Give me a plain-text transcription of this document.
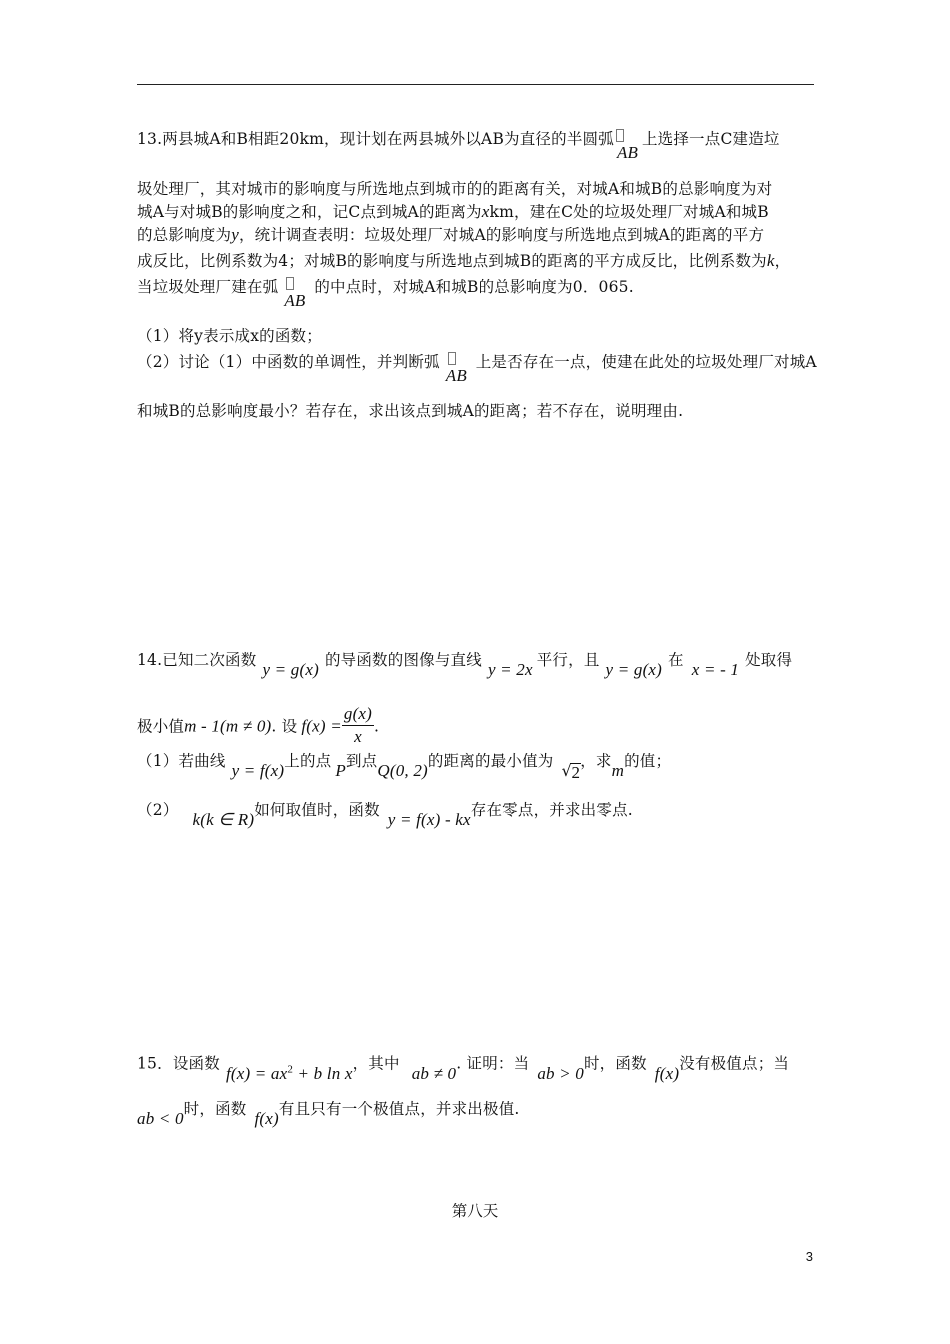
13.两县城A和B相距20km，现计划在两县城外以AB为直径的半圆弧
AB
上选择一点C建造垃
圾处理厂，其对城市的影响度与所选地点到城市的的距离有关，对城A和城B的总影响度为对
城A与对城B的影响度之和，记C点到城A的距离为xkm，建在C处的垃圾处理厂对城A和城B
的总影响度为y，统计调查表明：垃圾处理厂对城A的影响度与所选地点到城A的距离的平方
成反比，比例系数为4；对城B的影响度与所选地点到城B的距离的平方成反比，比例系数为k，
当垃圾处理厂建在弧
AB
的中点时，对城A和城B的总影响度为0．065.
（1）将y表示成x的函数；
（2）讨论（1）中函数的单调性，并判断弧
AB
上是否存在一点，使建在此处的垃圾处理厂对城A
和城B的总影响度最小？若存在，求出该点到城A的距离；若不存在，说明理由.
14.已知二次函数 y = g(x) 的导函数的图像与直线 y = 2x 平行，且 y = g(x) 在 x = - 1 处取得
极小值m - 1(m ≠ 0). 设 $f(x) = \frac{g(x)}{x}$ .
（1）若曲线 y = f(x)上的点 P到点Q(0, 2)的距离的最小值为 √ 2，求m的值；
（2） k(k ∈ R)如何取值时，函数 y = f(x) - kx存在零点，并求出零点.
15．设函数 $f(x) = ax^2 + b$ ln x，其中 ab ≠ 0. 证明：当 ab > 0时，函数 f(x)没有极值点；当
ab < 0时，函数 f(x)有且只有一个极值点，并求出极值.
第八天
3
